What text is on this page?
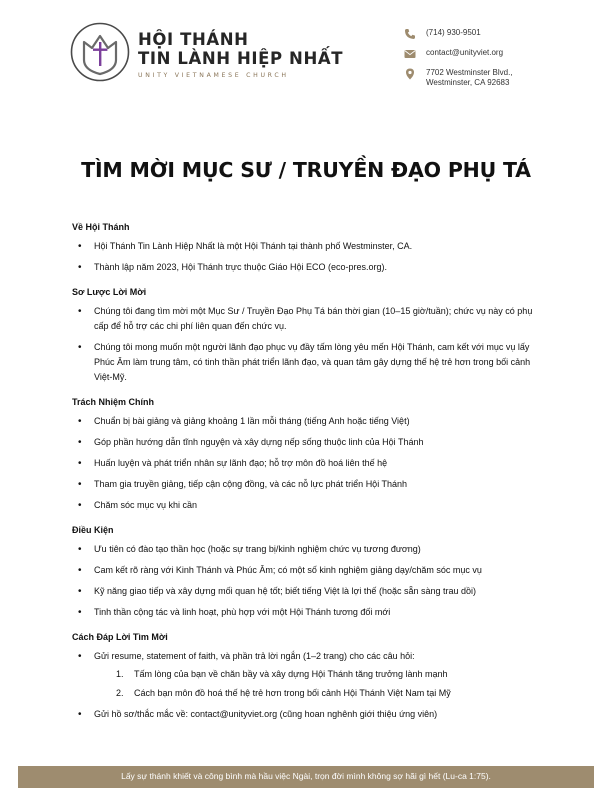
HỘI THÁNH
TIN LÀNH HIỆP NHẤT
UNITY VIETNAMESE CHURCH
(714) 930-9501
contact@unityviet.org
7702 Westminster Blvd.,
Westminster, CA 92683
TÌM MỜI MỤC SƯ / TRUYỀN ĐẠO PHỤ TÁ
Về Hội Thánh
• Hội Thánh Tin Lành Hiệp Nhất là một Hội Thánh tại thành phố Westminster, CA.
• Thành lập năm 2023, Hội Thánh trực thuộc Giáo Hội ECO (eco-pres.org).
Sơ Lược Lời Mời
• Chúng tôi đang tìm mời một Mục Sư / Truyền Đạo Phụ Tá bán thời gian (10–15 giờ/tuần); chức vụ này có phụ cấp để hỗ trợ các chi phí liên quan đến chức vụ.
• Chúng tôi mong muốn một người lãnh đạo phục vụ đầy tấm lòng yêu mến Hội Thánh, cam kết với mục vụ lấy Phúc Âm làm trung tâm, có tinh thần phát triển lãnh đạo, và quan tâm gây dựng thế hệ trẻ hơn trong bối cảnh Việt-Mỹ.
Trách Nhiệm Chính
• Chuẩn bị bài giảng và giảng khoảng 1 lần mỗi tháng (tiếng Anh hoặc tiếng Việt)
• Góp phần hướng dẫn tĩnh nguyện và xây dựng nếp sống thuộc linh của Hội Thánh
• Huấn luyện và phát triển nhân sự lãnh đạo; hỗ trợ môn đồ hoá liên thế hệ
• Tham gia truyền giảng, tiếp cận cộng đồng, và các nỗ lực phát triển Hội Thánh
• Chăm sóc mục vụ khi cần
Điều Kiện
• Ưu tiên có đào tạo thần học (hoặc sự trang bị/kinh nghiệm chức vụ tương đương)
• Cam kết rõ ràng với Kinh Thánh và Phúc Âm; có một số kinh nghiệm giảng dạy/chăm sóc mục vụ
• Kỹ năng giao tiếp và xây dựng mối quan hệ tốt; biết tiếng Việt là lợi thế (hoặc sẵn sàng trau dồi)
• Tinh thần cộng tác và linh hoạt, phù hợp với một Hội Thánh tương đối mới
Cách Đáp Lời Tìm Mời
• Gửi resume, statement of faith, và phần trả lời ngắn (1–2 trang) cho các câu hỏi:
1. Tấm lòng của bạn về chăn bầy và xây dựng Hội Thánh tăng trưởng lành mạnh
2. Cách bạn môn đồ hoá thế hệ trẻ hơn trong bối cảnh Hội Thánh Việt Nam tại Mỹ
• Gửi hồ sơ/thắc mắc về: contact@unityviet.org (cũng hoan nghênh giới thiệu ứng viên)
Lấy sự thánh khiết và công bình mà hầu việc Ngài, trọn đời mình không sợ hãi gì hết (Lu-ca 1:75).
